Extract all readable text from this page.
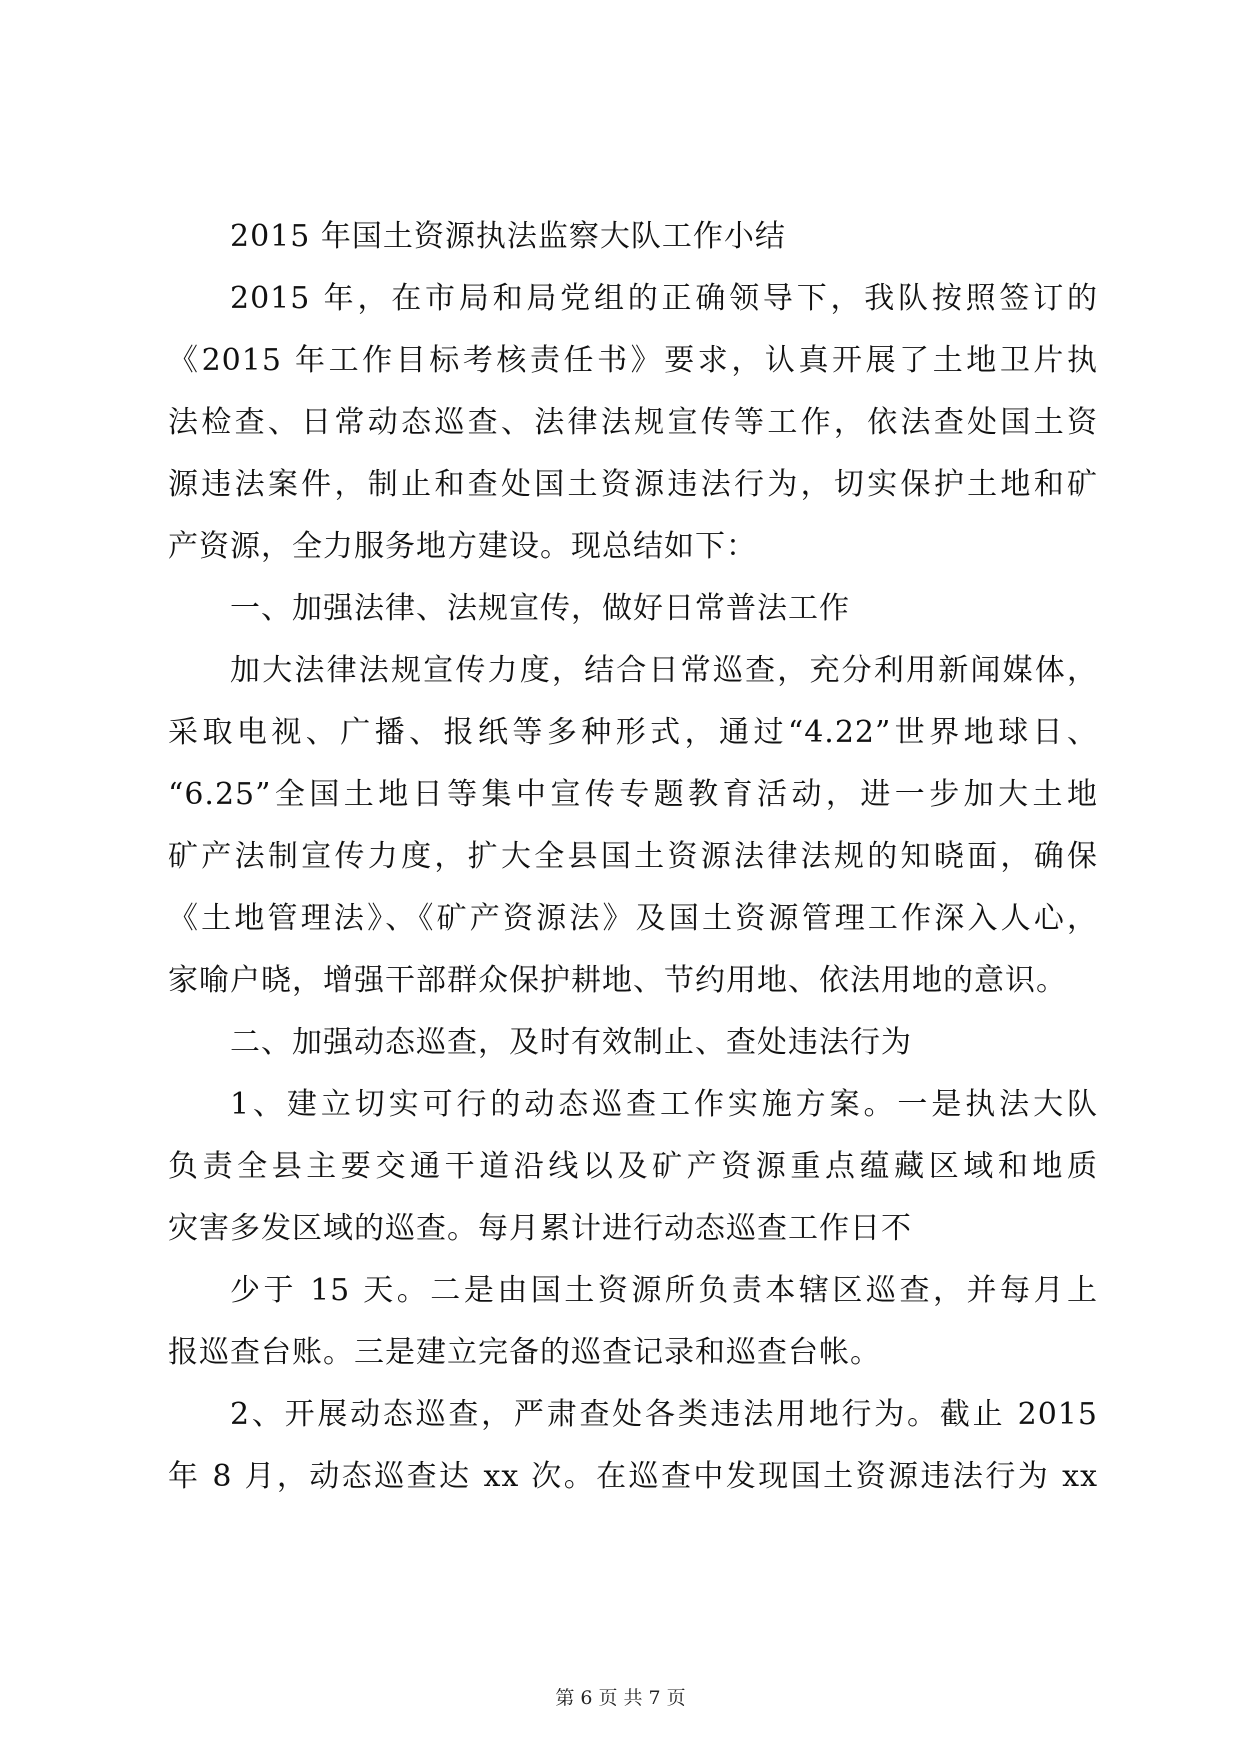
2015 年国土资源执法监察大队工作小结
2015 年，在市局和局党组的正确领导下，我队按照签订的
《2015 年工作目标考核责任书》要求，认真开展了土地卫片执
法检查、日常动态巡查、法律法规宣传等工作，依法查处国土资
源违法案件，制止和查处国土资源违法行为，切实保护土地和矿
产资源，全力服务地方建设。现总结如下：
一、加强法律、法规宣传，做好日常普法工作
加大法律法规宣传力度，结合日常巡查，充分利用新闻媒体，
采取电视、广播、报纸等多种形式，通过“4.22”世界地球日、
“6.25”全国土地日等集中宣传专题教育活动，进一步加大土地
矿产法制宣传力度，扩大全县国土资源法律法规的知晓面，确保
《土地管理法》、《矿产资源法》及国土资源管理工作深入人心，
家喻户晓，增强干部群众保护耕地、节约用地、依法用地的意识。
二、加强动态巡查，及时有效制止、查处违法行为
1、建立切实可行的动态巡查工作实施方案。一是执法大队
负责全县主要交通干道沿线以及矿产资源重点蕴藏区域和地质
灾害多发区域的巡查。每月累计进行动态巡查工作日不
少于 15 天。二是由国土资源所负责本辖区巡查，并每月上
报巡查台账。三是建立完备的巡查记录和巡查台帐。
2、开展动态巡查，严肃查处各类违法用地行为。截止 2015
年 8 月，动态巡查达 xx 次。在巡查中发现国土资源违法行为 xx
第 6 页 共 7 页
